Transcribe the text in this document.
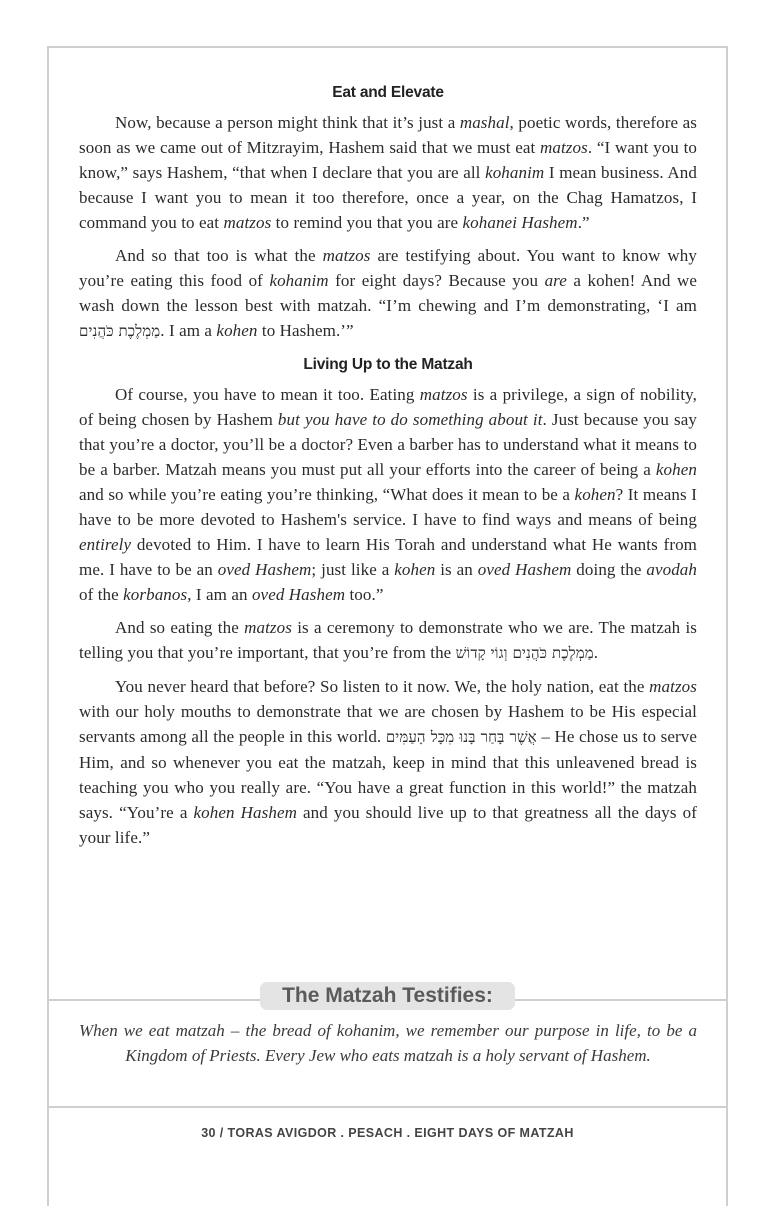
Eat and Elevate

Now, because a person might think that it’s just a mashal, poetic words, therefore as soon as we came out of Mitzrayim, Hashem said that we must eat matzos. “I want you to know,” says Hashem, “that when I declare that you are all kohanim I mean business. And because I want you to mean it too therefore, once a year, on the Chag Hamatzos, I command you to eat matzos to remind you that you are kohanei Hashem.”

And so that too is what the matzos are testifying about. You want to know why you’re eating this food of kohanim for eight days? Because you are a kohen! And we wash down the lesson best with matzah. “I’m chewing and I’m demonstrating, ‘I am מַמְלֶכֶת כֹּהֲנִים. I am a kohen to Hashem.’”

Living Up to the Matzah

Of course, you have to mean it too. Eating matzos is a privilege, a sign of nobility, of being chosen by Hashem but you have to do something about it. Just because you say that you’re a doctor, you’ll be a doctor? Even a barber has to understand what it means to be a barber. Matzah means you must put all your efforts into the career of being a kohen and so while you’re eating you’re thinking, “What does it mean to be a kohen? It means I have to be more devoted to Hashem's service. I have to find ways and means of being entirely devoted to Him. I have to learn His Torah and understand what He wants from me. I have to be an oved Hashem; just like a kohen is an oved Hashem doing the avodah of the korbanos, I am an oved Hashem too.”

And so eating the matzos is a ceremony to demonstrate who we are. The matzah is telling you that you’re important, that you’re from the מַמְלֶכֶת כֹּהֲנִים וְגוֹי קָדוֹשׁ.

You never heard that before? So listen to it now. We, the holy nation, eat the matzos with our holy mouths to demonstrate that we are chosen by Hashem to be His especial servants among all the people in this world. אֲשֶׁר בָּחַר בָּנוּ מִכָּל הָעַמִּים – He chose us to serve Him, and so whenever you eat the matzah, keep in mind that this unleavened bread is teaching you who you really are. “You have a great function in this world!” the matzah says. “You’re a kohen Hashem and you should live up to that greatness all the days of your life.”

The Matzah Testifies:
When we eat matzah – the bread of kohanim, we remember our purpose in life, to be a Kingdom of Priests. Every Jew who eats matzah is a holy servant of Hashem.
30 / TORAS AVIGDOR . PESACH . EIGHT DAYS OF MATZAH
